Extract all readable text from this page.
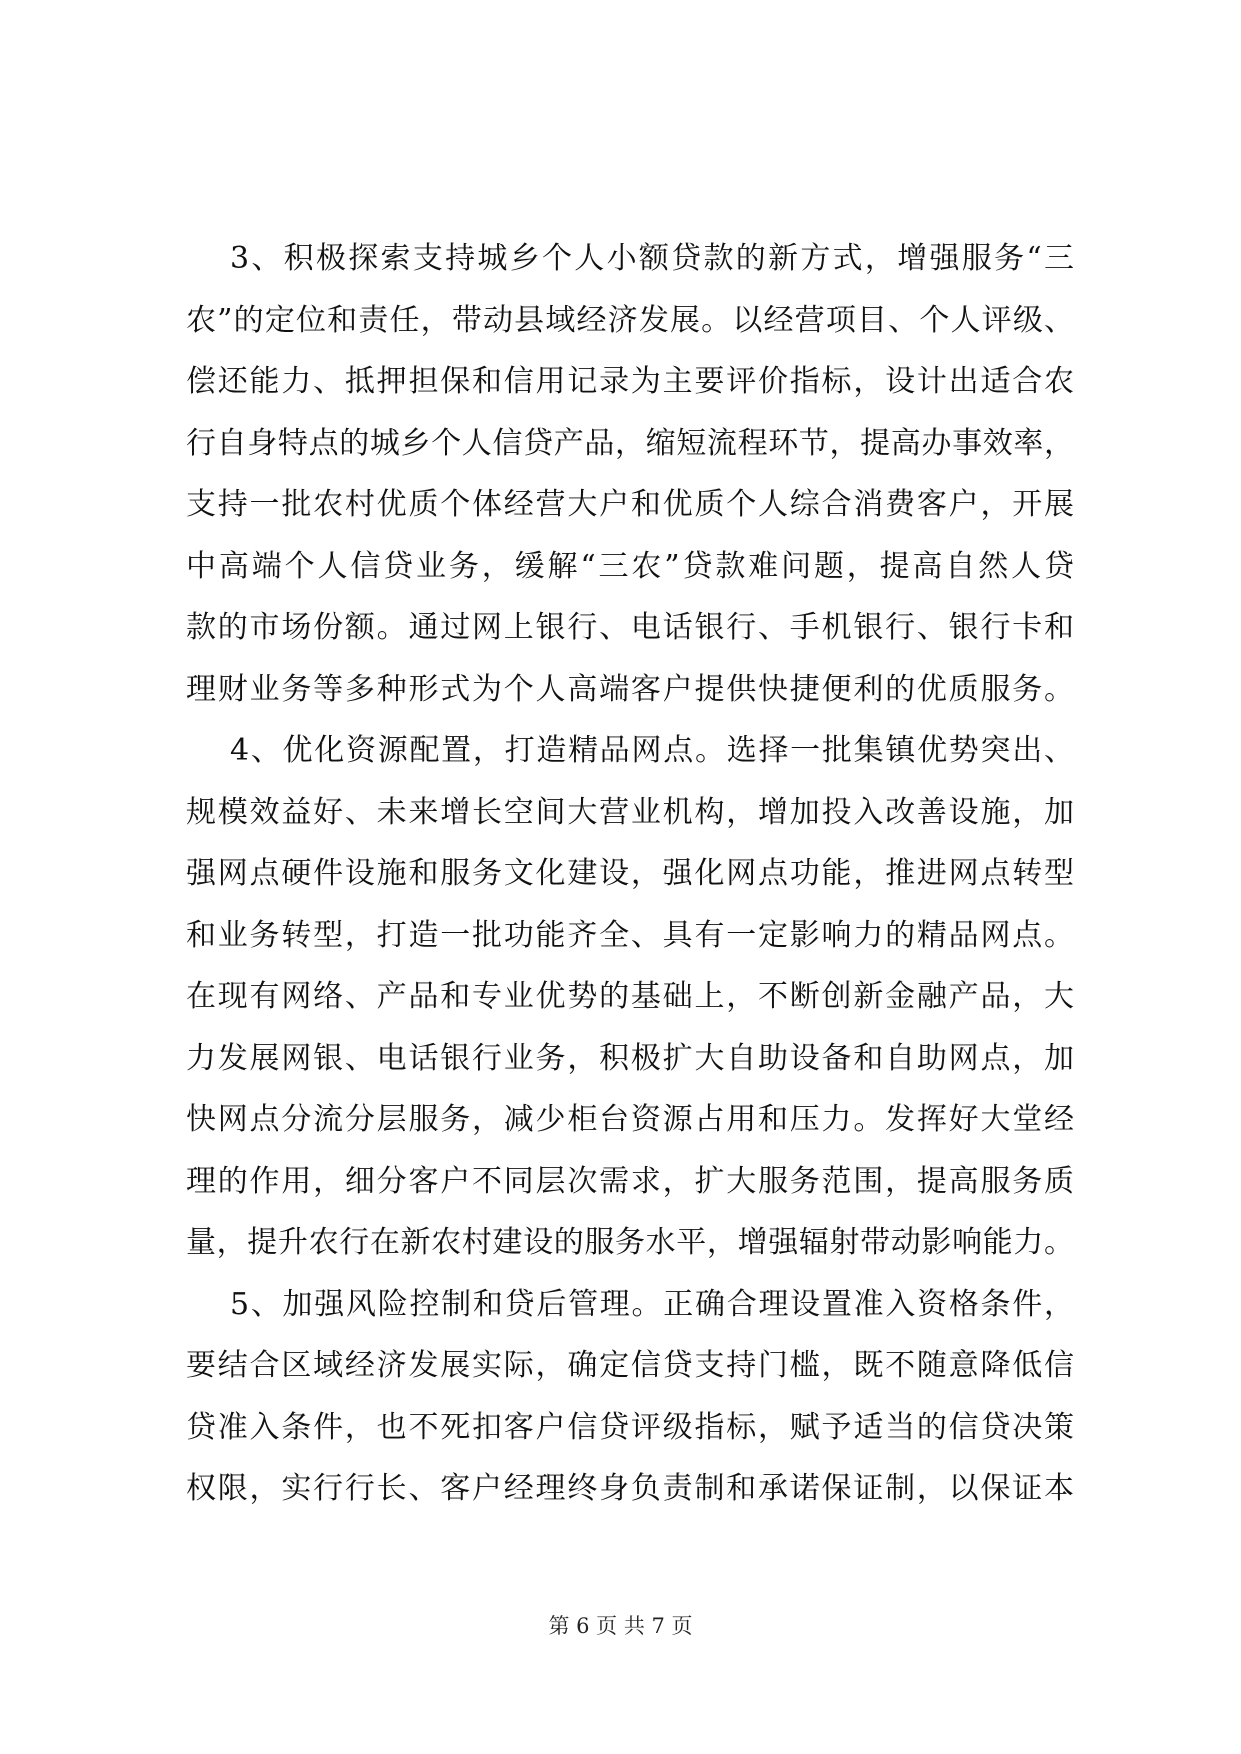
3、积极探索支持城乡个人小额贷款的新方式，增强服务“三
农”的定位和责任，带动县域经济发展。以经营项目、个人评级、
偿还能力、抵押担保和信用记录为主要评价指标，设计出适合农
行自身特点的城乡个人信贷产品，缩短流程环节，提高办事效率，
支持一批农村优质个体经营大户和优质个人综合消费客户，开展
中高端个人信贷业务，缓解“三农”贷款难问题，提高自然人贷
款的市场份额。通过网上银行、电话银行、手机银行、银行卡和
理财业务等多种形式为个人高端客户提供快捷便利的优质服务。
4、优化资源配置，打造精品网点。选择一批集镇优势突出、
规模效益好、未来增长空间大营业机构，增加投入改善设施，加
强网点硬件设施和服务文化建设，强化网点功能，推进网点转型
和业务转型，打造一批功能齐全、具有一定影响力的精品网点。
在现有网络、产品和专业优势的基础上，不断创新金融产品，大
力发展网银、电话银行业务，积极扩大自助设备和自助网点，加
快网点分流分层服务，减少柜台资源占用和压力。发挥好大堂经
理的作用，细分客户不同层次需求，扩大服务范围，提高服务质
量，提升农行在新农村建设的服务水平，增强辐射带动影响能力。
5、加强风险控制和贷后管理。正确合理设置准入资格条件，
要结合区域经济发展实际，确定信贷支持门槛，既不随意降低信
贷准入条件，也不死扣客户信贷评级指标，赋予适当的信贷决策
权限，实行行长、客户经理终身负责制和承诺保证制，以保证本
第 6 页 共 7 页
